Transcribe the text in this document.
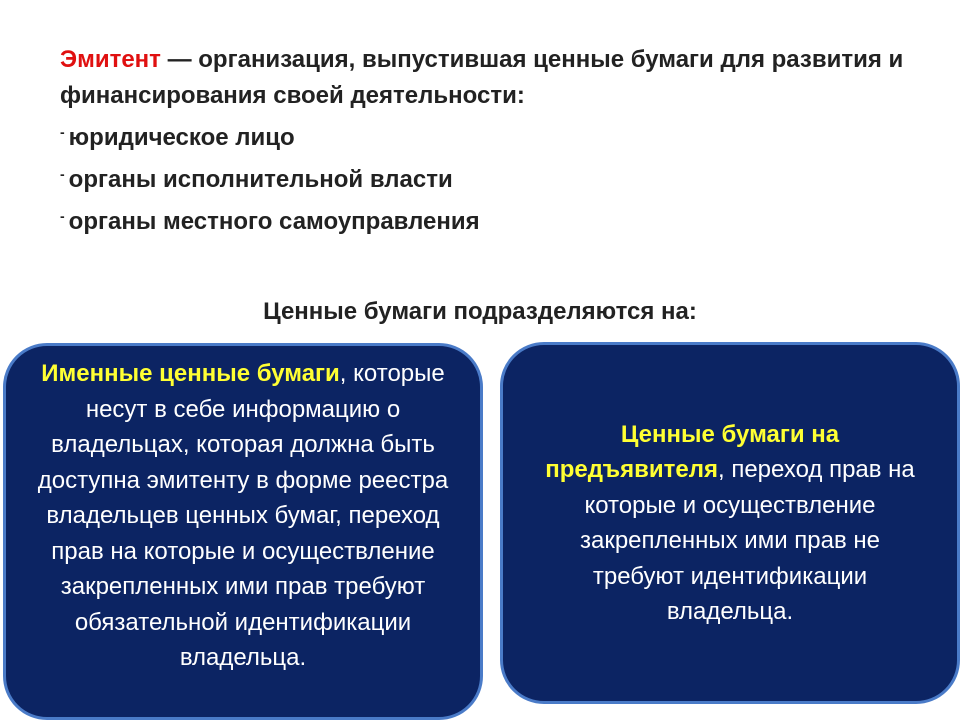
Эмитент — организация, выпустившая ценные бумаги для развития и финансирования своей деятельности:
- юридическое лицо
- органы исполнительной власти
- органы местного самоуправления
Ценные бумаги подразделяются на:
Именные ценные бумаги, которые несут в себе информацию о владельцах, которая должна быть доступна эмитенту в форме реестра владельцев ценных бумаг, переход прав на которые и осуществление закрепленных ими прав требуют обязательной идентификации владельца.
Ценные бумаги на предъявителя, переход прав на которые и осуществление закрепленных ими прав не требуют идентификации владельца.
